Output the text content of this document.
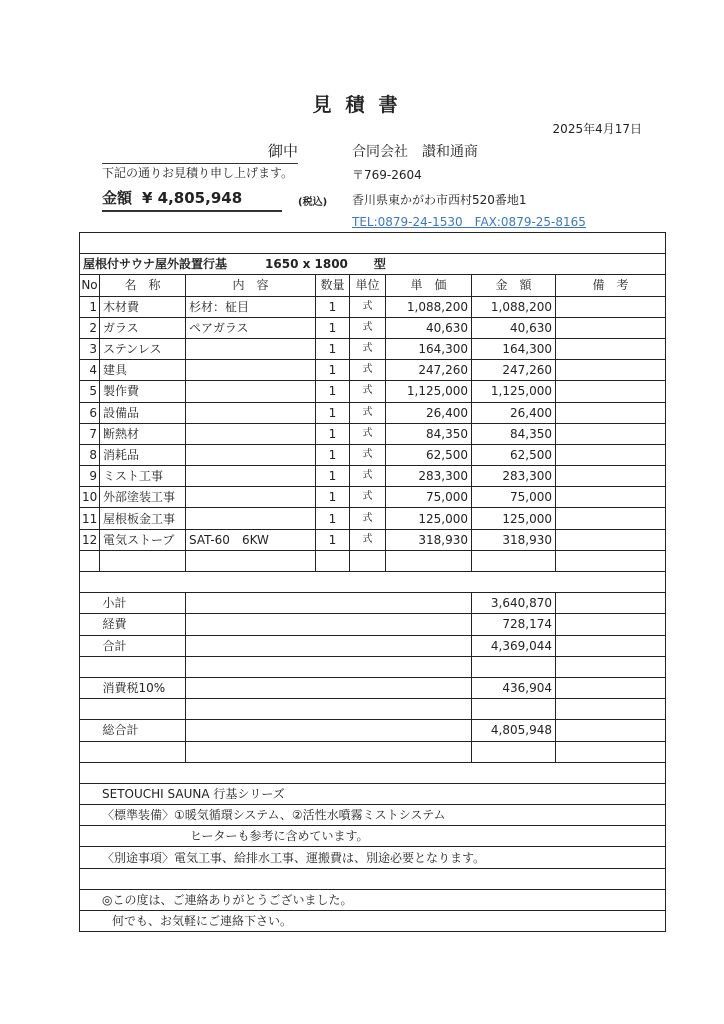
見積書
2025年4月17日
御中
下記の通りお見積り申し上げます。
金額 ¥ 4,805,948	(税込)
合同会社　讃和通商
〒769-2604
香川県東かがわ市西村520番地1
TEL:0879-24-1530　FAX:0879-25-8165

屋根付サウナ屋外設置行基 1650 x 1800 型							
No	名　称	内　容	数量	単位	単　価	金　額	備　考
1	木材費	杉材：柾目	1	式	1,088,200	1,088,200	
2	ガラス	ペアガラス	1	式	40,630	40,630	
3	ステンレス		1	式	164,300	164,300	
4	建具		1	式	247,260	247,260	
5	製作費		1	式	1,125,000	1,125,000	
6	設備品		1	式	26,400	26,400	
7	断熱材		1	式	84,350	84,350	
8	消耗品		1	式	62,500	62,500	
9	ミスト工事		1	式	283,300	283,300	
10	外部塗装工事		1	式	75,000	75,000	
11	屋根板金工事		1	式	125,000	125,000	
12	電気ストーブ	SAT-60　6KW	1	式	318,930	318,930	

	小計					3,640,870	
	経費					728,174	
	合計					4,369,044	

	消費税10%					436,904	

	総合計					4,805,948	

SETOUCHI SAUNA 行基シリーズ							
〈標準装備〉①暖気循環システム、②活性水噴霧ミストシステム							
ヒーターも参考に含めています。							
〈別途事項〉電気工事、給排水工事、運搬費は、別途必要となります。							

◎この度は、ご連絡ありがとうございました。							
何でも、お気軽にご連絡下さい。							
